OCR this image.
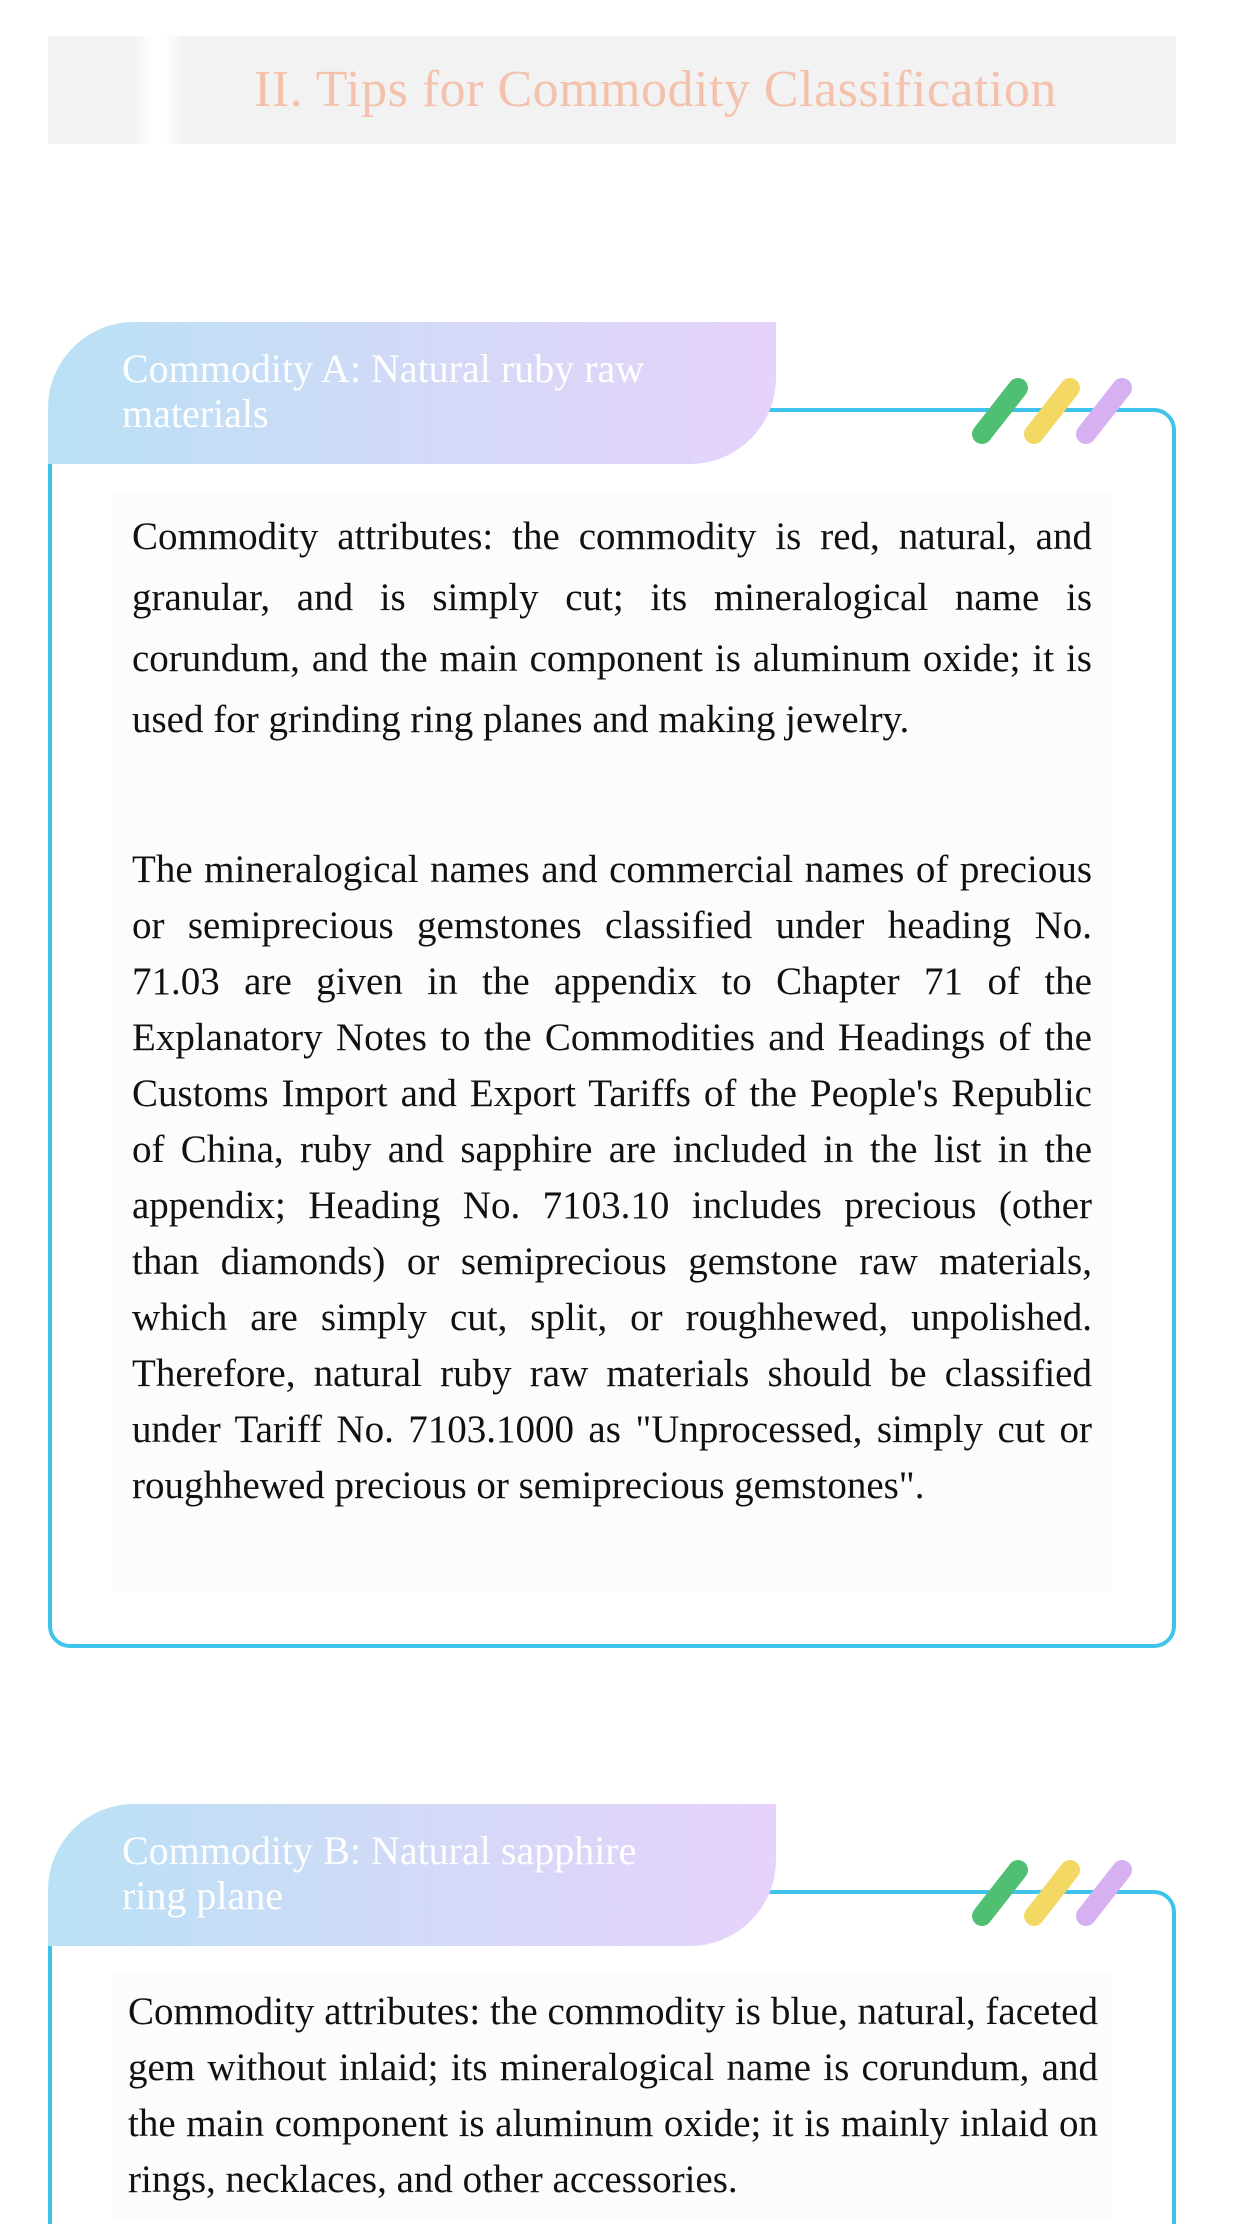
II. Tips for Commodity Classification
Commodity A: Natural ruby raw materials

Commodity attributes: the commodity is red, natural, and granular, and is simply cut; its mineralogical name is corundum, and the main component is aluminum oxide; it is used for grinding ring planes and making jewelry.

The mineralogical names and commercial names of precious or semiprecious gemstones classified under heading No. 71.03 are given in the appendix to Chapter 71 of the Explanatory Notes to the Commodities and Headings of the Customs Import and Export Tariffs of the People's Republic of China, ruby and sapphire are included in the list in the appendix; Heading No. 7103.10 includes precious (other than diamonds) or semiprecious gemstone raw materials, which are simply cut, split, or roughhewed, unpolished. Therefore, natural ruby raw materials should be classified under Tariff No. 7103.1000 as "Unprocessed, simply cut or roughhewed precious or semiprecious gemstones".

Commodity B: Natural sapphire ring plane

Commodity attributes: the commodity is blue, natural, faceted gem without inlaid; its mineralogical name is corundum, and the main component is aluminum oxide; it is mainly inlaid on rings, necklaces, and other accessories.
